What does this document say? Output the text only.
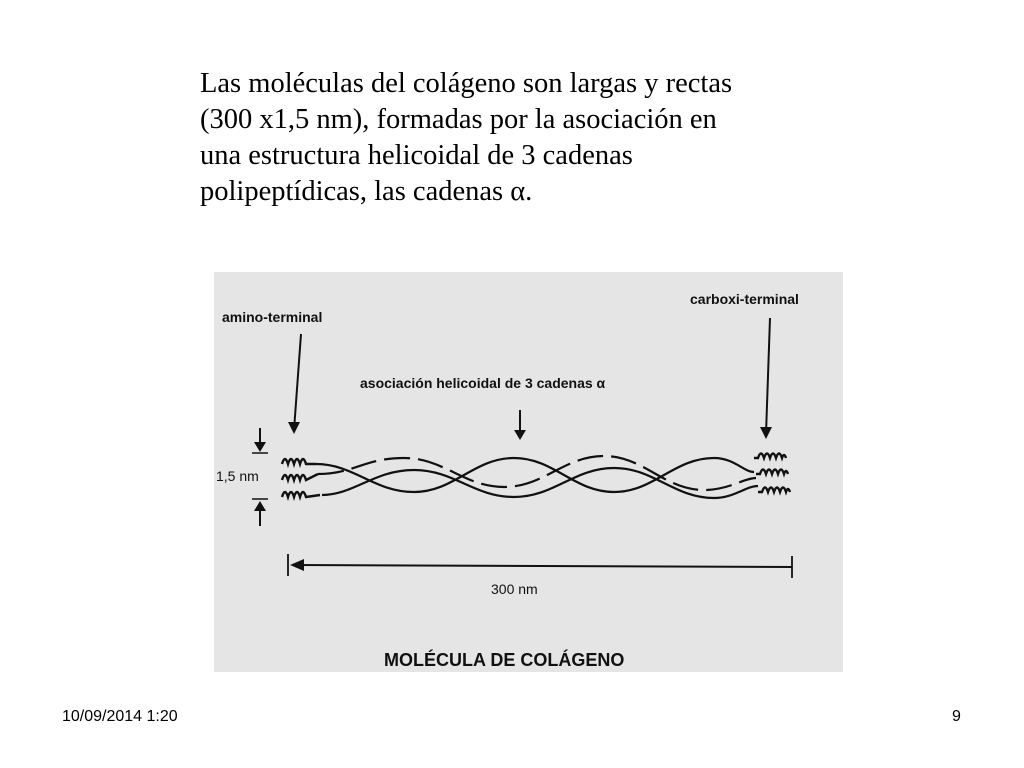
Las moléculas del colágeno son largas y rectas
(300 x1,5 nm), formadas por la asociación en
una estructura helicoidal de 3 cadenas
polipeptídicas, las cadenas α.
amino-terminal
carboxi-terminal
asociación helicoidal de 3 cadenas α
1,5 nm
300 nm
MOLÉCULA DE COLÁGENO
10/09/2014 1:20	9
